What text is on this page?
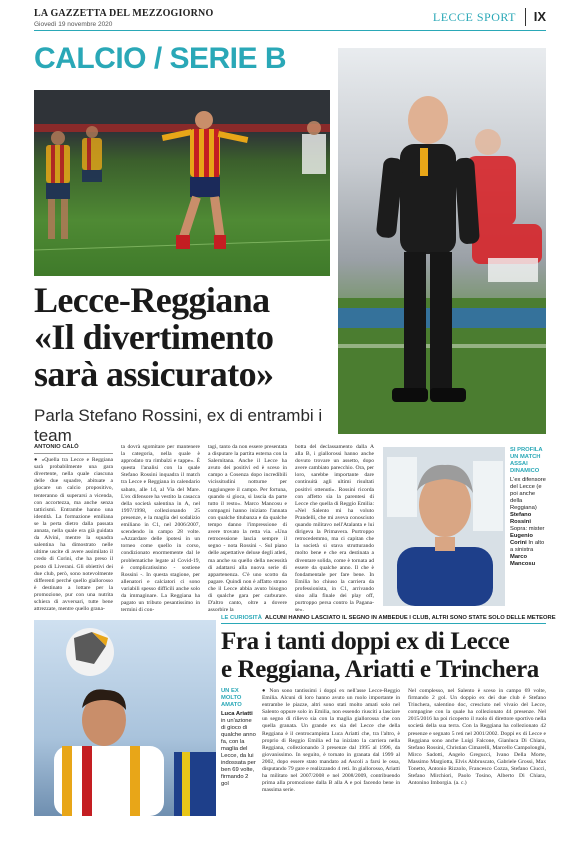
LA GAZZETTA DEL MEZZOGIORNO
Giovedì 19 novembre 2020
LECCE SPORT IX
CALCIO / SERIE B
Lecce-Reggiana
«Il divertimento
sarà assicurato»
Parla Stefano Rossini, ex di entrambi i team
ANTONIO CALÒ
● «Quella tra Lecce e Reggiana sarà probabilmente una gara divertente, nella quale ciascuna delle due squadre, abituate a giocare un calcio propositivo, tenteranno di superarsi a vicenda, con accortezza, ma anche senza tatticismi. Entrambe hanno una identità. La formazione emiliana se la perta dietro dalla passata annata, nella quale era già guidata da Alvini, mentre la squadra salentina ha dimostrato nelle ultime uscite di avere assimilato il credo di Corini, che ha preso il posto di Liverani. Gli obiettivi dei due club, però, sono notevolmente differenti perché quello giallorosso è destinato a lottare per la promozione, pur con una nutrita schiera di avversari, tutte bene attrezzate, mentre quello grana-
ta dovrà sgomitare per mantenere la categoria, nella quale è approdato tra rimbalzi e tappe». È questa l'analisi con la quale Stefano Rossini inquadra il match tra Lecce e Reggiana in calendario sabato, alle 14, al Via del Mare. L'ex difensore ha vestito la casacca della società salentina in A, nel 1997/1998, collezionando 25 presenze, e la maglia del sodalizio emiliano in C1, nel 2006/2007, scendendo in campo 28 volte. «Azzardare delle ipotesi in un torneo come quello in corso, condizionato enormemente dal le problematiche legate al Covid-19, è complicatissimo - sostiene Rossini -. In questa stagione, per allenatori e calciatori ci sono variabili spesso difficili anche solo da immaginare. La Reggiana ha pagato un tributo pesantissimo in termini di con-
tagi, tanto da non essere presentata a disputare la partita esterna con la Salernitana. Anche il Lecce ha avuto dei positivi ed è sceso in campo a Cosenza dopo incredibili vicissitudini notturne per raggiungere il campo. Per fortuna, quando si gioca, si lascia da parte tutto il resto». Marco Mancosu e compagni hanno iniziato l'annata con qualche titubanza e da qualche tempo danno l'impressione di avere trovato la retta via. «Una retrocessione lascia sempre il segno - nota Rossini -. Sul piano delle aspettative deluse degli atleti, ma anche su quello della necessità di adattarsi alla nuova serie di appartenenza. C'è uno scotto da pagare. Quindi non è affatto strano che il Lecce abbia avuto bisogno di qualche gara per carburare. D'altro canto, oltre a dovere assorbire la
botta del declassamento dalla A alla B, i giallorossi hanno anche dovuto trovare un assetto, dopo avere cambiato parecchio. Ora, per loro, sarebbe importante dare continuità agli ultimi risultati positivi ottenuti». Rossini ricorda con affetto sia la parentesi di Lecce che quella di Reggio Emilia: «Nel Salento mi ha voluto Prandelli, che mi aveva conosciuto quando militavo nell'Atalanta e lui dirigeva la Primavera. Purtroppo retrocedemmo, ma ci capitan che la società si stava strutturando molto bene e che era destinata a diventare solida, come è tornata ad essere da qualche anno. Il che è fondamentale per fare bene. In Emilia ho chiuso la carriera da professionista, in C1, arrivando sino alla finale dei play off, purtroppo persa contro la Pagana- se».
SI PROFILA UN MATCH ASSAI DINAMICO
L'ex difensore del Lecce (e poi anche della Reggiana) Stefano Rossini Sopra: mister Eugenio Corini In alto a sinistra Marco Mancosu
LE CURIOSITÀ ALCUNI HANNO LASCIATO IL SEGNO IN AMBEDUE I CLUB, ALTRI SONO STATE SOLO DELLE METEORE
Fra i tanti doppi ex di Lecce
e Reggiana, Ariatti e Trinchera
UN EX MOLTO AMATO
Luca Ariatti in un'azione di gioco di qualche anno fa, con la maglia del Lecce, da lui indossata per ben 69 volte, firmando 2 gol
● Non sono tantissimi i doppi ex nell'asse Lecce-Reggio Emilia. Alcuni di loro hanno avuto un ruolo importante in entrambe le piazze, altri sono stati molto amati solo nel Salento oppure solo in Emilia, non essendo riusciti a lasciare un segno di rilievo sia con la maglia giallorossa che con quella granata. Un grande ex sia del Lecce che della Reggiana è il centrocampista Luca Ariatti che, tra l'altro, è proprio di Reggio Emilia ed ha iniziato la carriera nella Reggiana, collezionando 3 presenze dal 1995 al 1996, da giovanissimo. In seguito, è tornato in granata dal 1999 al 2002, dopo essere stato mandato ad Ascoli a farsi le ossa, disputando 79 gare e realizzando 4 reti. In giallorosso, Ariatti ha militato nel 2007/2008 e nel 2008/2009, contribuendo prima alla promozione dalla B alla A e poi facendo bene in massima serie.
Nel complesso, nel Salento è sceso in campo 69 volte, firmando 2 gol. Un doppio ex dei due club è Stefano Trinchera, salentino doc, cresciuto nel vivaio del Lecce, compagine con la quale ha collezionato 44 presenze. Nel 2015/2016 ha poi ricoperto il ruolo di direttore sportivo nella società della sua terra. Con la Reggiana ha collezionato 42 presenze e segnato 5 reti nel 2001/2002. Doppi ex di Lecce e Reggiana sono anche Luigi Falcone, Gianluca Di Chiara, Stefano Rossini, Christian Cimarelli, Marcello Campolonghi, Mirco Sadotti, Angelo Gregucci, Ivano Della Morte, Massimo Margiotta, Elvis Abbruscato, Gabriele Grossi, Max Tonetto, Antonio Rizzolo, Francesco Cozza, Stefano Ciucci, Stefano Mirchiori, Paolo Tosino, Alberto Di Chiara, Antonino Imborgia. (a. c.)
